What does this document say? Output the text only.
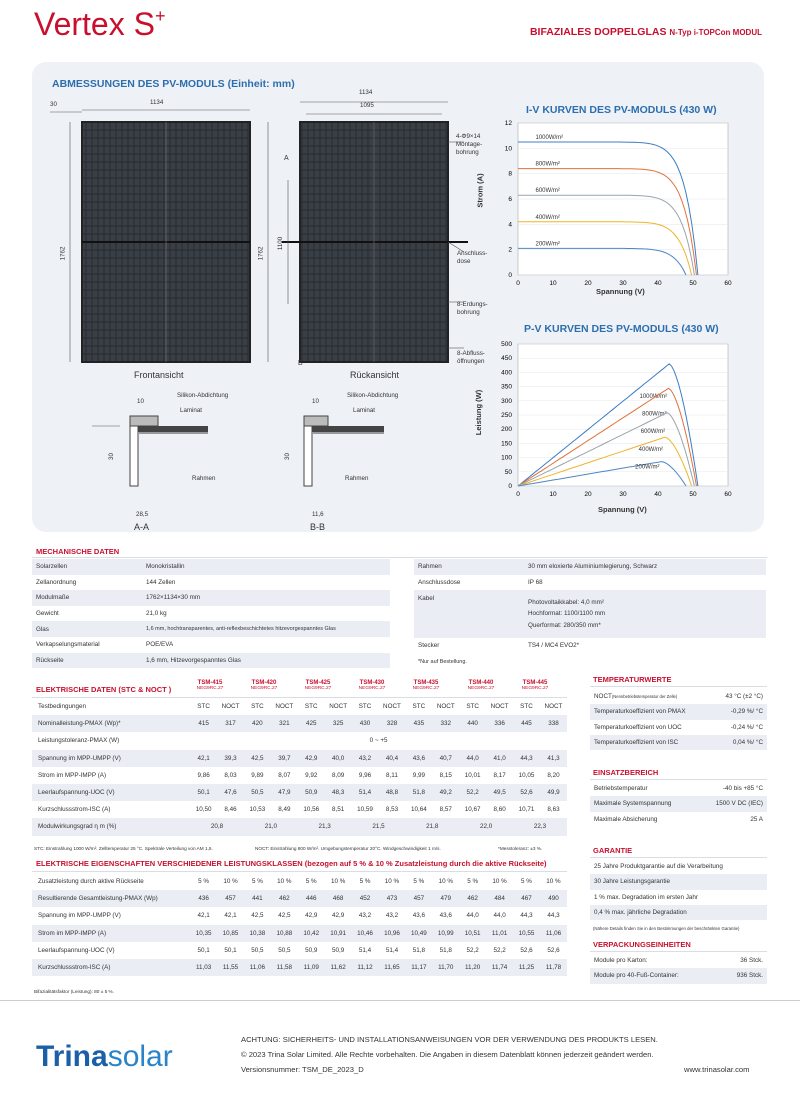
Vertex S+
BIFAZIALES DOPPELGLAS N-Typ i-TOPCon MODUL
ABMESSUNGEN DES PV-MODULS (Einheit: mm)
30	1134
1134
1095
1762	1762
1100
4-Φ9×14
Montage-
bohrung
Anschluss-
dose
8-Erdungs-
bohrung
8-Abfluss-
öffnungen
A
B
Frontansicht	Rückansicht
Silikon-Abdichtung	Silikon-Abdichtung
Laminat	Laminat
Rahmen	Rahmen
10	10
30	30
28,5	11,6
A-A	B-B
I-V KURVEN DES PV-MODULS (430 W)
0
2
4
6
8
10
12
0	10	20	30	40	50	60
1000W/m²
800W/m²
600W/m²
400W/m²
200W/m²
Spannung (V)
Strom (A)
P-V KURVEN DES PV-MODULS (430 W)
0
50
100
150
200
250
300
350
400
450
500
0	10	20	30	40	50	60
1000W/m²
800W/m²
600W/m²
400W/m²
200W/m²
Spannung (V)
Leistung (W)
MECHANISCHE DATEN
Solarzellen	Monokristallin
Zellanordnung	144 Zellen
Modulmaße	1762×1134×30 mm
Gewicht	21,0 kg
Glas	1,6 mm, hochtransparentes, anti-reflexbeschichtetes hitzevorgespanntes Glas
Verkapselungsmaterial	POE/EVA
Rückseite	1,6 mm, Hitzevorgespanntes Glas
Rahmen	30 mm eloxierte Aluminiumlegierung, Schwarz
Anschlussdose	IP 68
Kabel	Photovoltaikkabel: 4,0 mm²
Hochformat: 1100/1100 mm
Querformat: 280/350 mm*

Stecker	TS4 / MC4 EVO2*
*Nur auf Bestellung.
ELEKTRISCHE DATEN (STC & NOCT )
TSM-415
NEG9RC.27
TSM-420
NEG9RC.27
TSM-425
NEG9RC.27
TSM-430
NEG9RC.27
TSM-435
NEG9RC.27
TSM-440
NEG9RC.27
TSM-445
NEG9RC.27
Testbedingungen	STC	NOCT	STC	NOCT	STC	NOCT	STC	NOCT	STC	NOCT	STC	NOCT	STC	NOCT
Nominalleistung-PMAX (Wp)*	415	317	420	321	425	325	430	328	435	332	440	336	445	338
Leistungstoleranz-PMAX (W)	0 ~ +5													
Spannung im MPP-UMPP (V)	42,1	39,3	42,5	39,7	42,9	40,0	43,2	40,4	43,6	40,7	44,0	41,0	44,3	41,3
Strom im MPP-IMPP (A)	9,86	8,03	9,89	8,07	9,92	8,09	9,96	8,11	9,99	8,15	10,01	8,17	10,05	8,20
Leerlaufspannung-UOC (V)	50,1	47,6	50,5	47,9	50,9	48,3	51,4	48,8	51,8	49,2	52,2	49,5	52,6	49,9
Kurzschlussstrom-ISC (A)	10,50	8,46	10,53	8,49	10,56	8,51	10,59	8,53	10,64	8,57	10,67	8,60	10,71	8,63
Modulwirkungsgrad η m (%)	20,8		21,0		21,3		21,5		21,8		22,0		22,3	
STC: Einstrahlung 1000 W/m². Zelltemperatur 25 °C. Spektrale Verteilung von AM 1,5.	NOCT: Einstrahlung 800 W/m². Umgebungstemperatur 20°C. Windgeschwindigkeit 1 m/s.	*Messtoleranz: ±3 %.
ELEKTRISCHE EIGENSCHAFTEN VERSCHIEDENER LEISTUNGSKLASSEN (bezogen auf 5 % & 10 % Zusatzleistung durch die aktive Rückseite)
Zusatzleistung durch aktive Rückseite	5 %	10 %	5 %	10 %	5 %	10 %	5 %	10 %	5 %	10 %	5 %	10 %	5 %	10 %
Resultierende Gesamtleistung-PMAX (Wp)	436	457	441	462	446	468	452	473	457	479	462	484	467	490
Spannung im MPP-UMPP (V)	42,1	42,1	42,5	42,5	42,9	42,9	43,2	43,2	43,6	43,6	44,0	44,0	44,3	44,3
Strom im MPP-IMPP (A)	10,35	10,85	10,38	10,88	10,42	10,91	10,46	10,96	10,49	10,99	10,51	11,01	10,55	11,06
Leerlaufspannung-UOC (V)	50,1	50,1	50,5	50,5	50,9	50,9	51,4	51,4	51,8	51,8	52,2	52,2	52,6	52,6
Kurzschlussstrom-ISC (A)	11,03	11,55	11,06	11,58	11,09	11,62	11,12	11,65	11,17	11,70	11,20	11,74	11,25	11,78
Bifazialitätsfaktor (Leistung): 80 ± 5 %.
TEMPERATURWERTE
NOCT(Nennbetriebstemperatur der Zelle)	43 °C (±2 °C)
Temperaturkoeffizient von PMAX	-0,29 %/ °C
Temperaturkoeffizient von UOC	-0,24 %/ °C
Temperaturkoeffizient von ISC	0,04 %/ °C
EINSATZBEREICH
Betriebstemperatur	-40 bis +85 °C
Maximale Systemspannung	1500 V DC (IEC)
Maximale Absicherung	25 A
GARANTIE
25 Jahre Produktgarantie auf die Verarbeitung
30 Jahre Leistungsgarantie
1 % max. Degradation im ersten Jahr
0,4 % max. jährliche Degradation
(Nähere Details finden Sie in den Bestimmungen der beschränkten Garantie)
VERPACKUNGSEINHEITEN
Module pro Karton:	36 Stck.
Module pro 40-Fuß-Container:	936 Stck.
Trinasolar
ACHTUNG: SICHERHEITS- UND INSTALLATIONSANWEISUNGEN VOR DER VERWENDUNG DES PRODUKTS LESEN.
© 2023 Trina Solar Limited. Alle Rechte vorbehalten. Die Angaben in diesem Datenblatt können jederzeit geändert werden.
Versionsnummer: TSM_DE_2023_D	www.trinasolar.com
